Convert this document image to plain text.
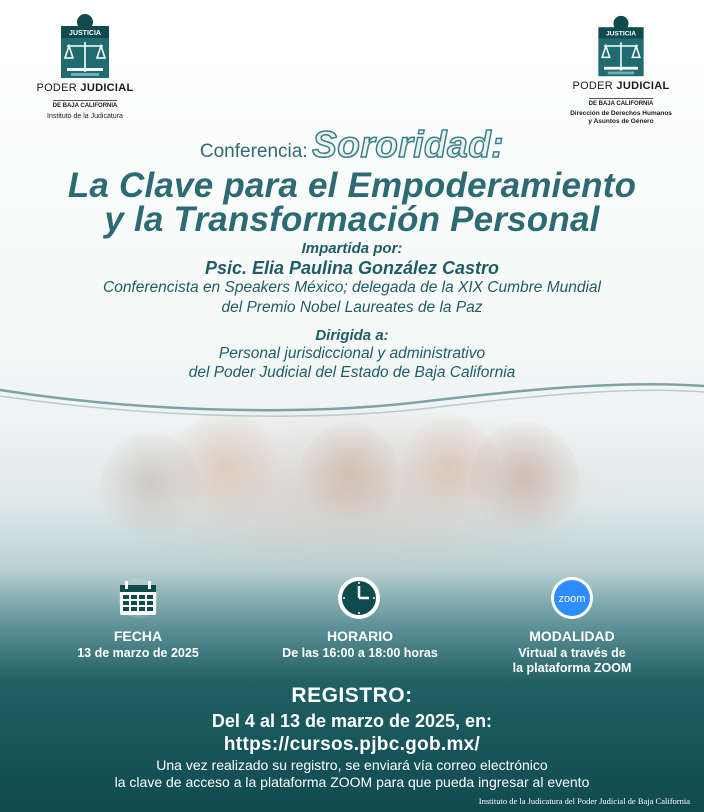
JUSTICIA
PODER JUDICIAL
DE BAJA CALIFORNIA
Instituto de la Judicatura
JUSTICIA
PODER JUDICIAL
DE BAJA CALIFORNIA
Dirección de Derechos Humanos
y Asuntos de Género
Conferencia: Sororidad:
La Clave para el Empoderamiento
y la Transformación Personal
Impartida por:
Psic. Elia Paulina González Castro
Conferencista en Speakers México; delegada de la XIX Cumbre Mundial
del Premio Nobel Laureates de la Paz
Dirigida a:
Personal jurisdiccional y administrativo
del Poder Judicial del Estado de Baja California
zoom
FECHA
13 de marzo de 2025
HORARIO
De las 16:00 a 18:00 horas
MODALIDAD
Virtual a través de
la plataforma ZOOM
REGISTRO:
Del 4 al 13 de marzo de 2025, en:
https://cursos.pjbc.gob.mx/
Una vez realizado su registro, se enviará vía correo electrónico
la clave de acceso a la plataforma ZOOM para que pueda ingresar al evento
Instituto de la Judicatura del Poder Judicial de Baja California
